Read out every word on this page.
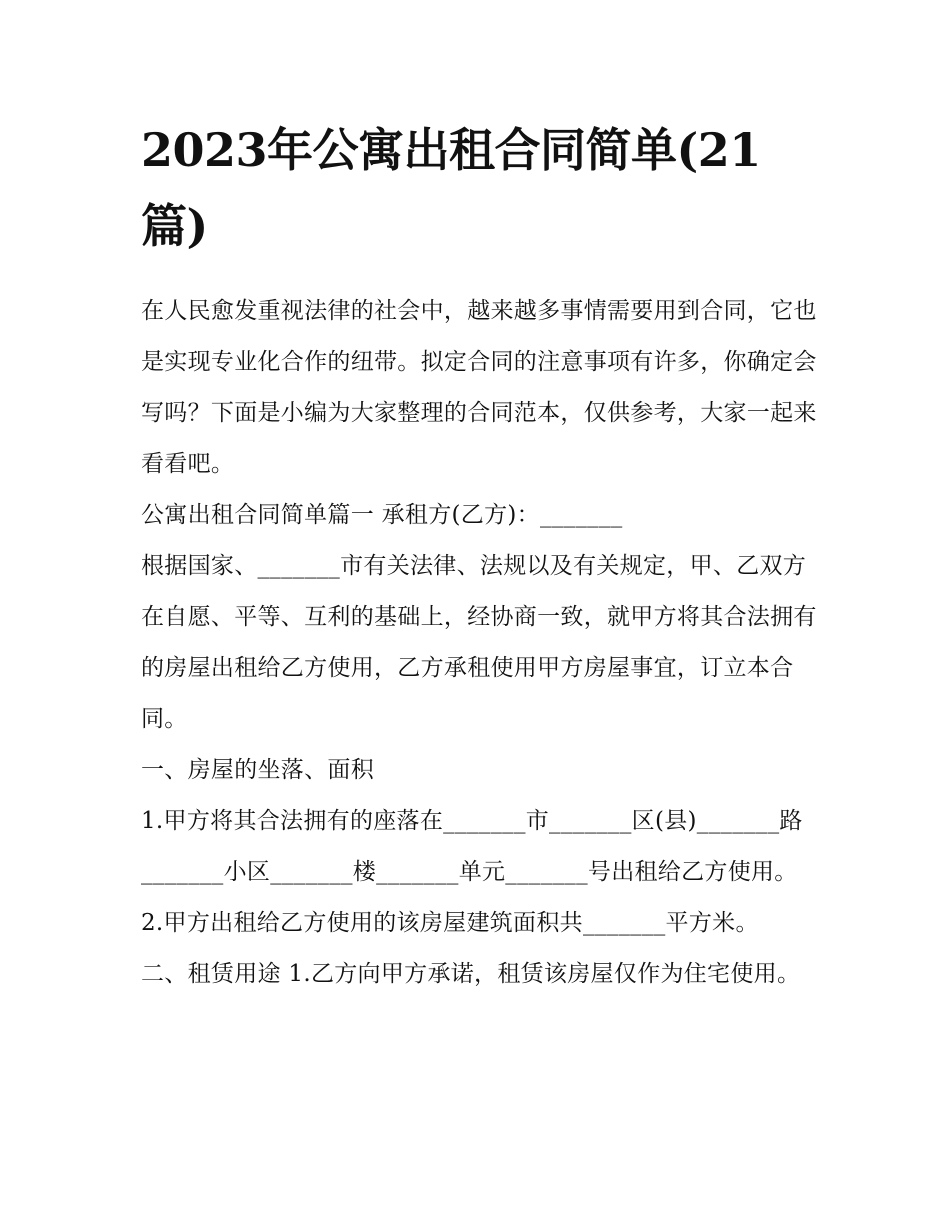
2023年公寓出租合同简单(21篇)

在人民愈发重视法律的社会中，越来越多事情需要用到合同，它也是实现专业化合作的纽带。拟定合同的注意事项有许多，你确定会写吗？下面是小编为大家整理的合同范本，仅供参考，大家一起来看看吧。

公寓出租合同简单篇一 承租方(乙方)：_______

根据国家、_______市有关法律、法规以及有关规定，甲、乙双方在自愿、平等、互利的基础上，经协商一致，就甲方将其合法拥有的房屋出租给乙方使用，乙方承租使用甲方房屋事宜，订立本合同。

一、房屋的坐落、面积

1.甲方将其合法拥有的座落在_______市_______区(县)_______路_______小区_______楼_______单元_______号出租给乙方使用。

2.甲方出租给乙方使用的该房屋建筑面积共_______平方米。

二、租赁用途 1.乙方向甲方承诺，租赁该房屋仅作为住宅使用。
